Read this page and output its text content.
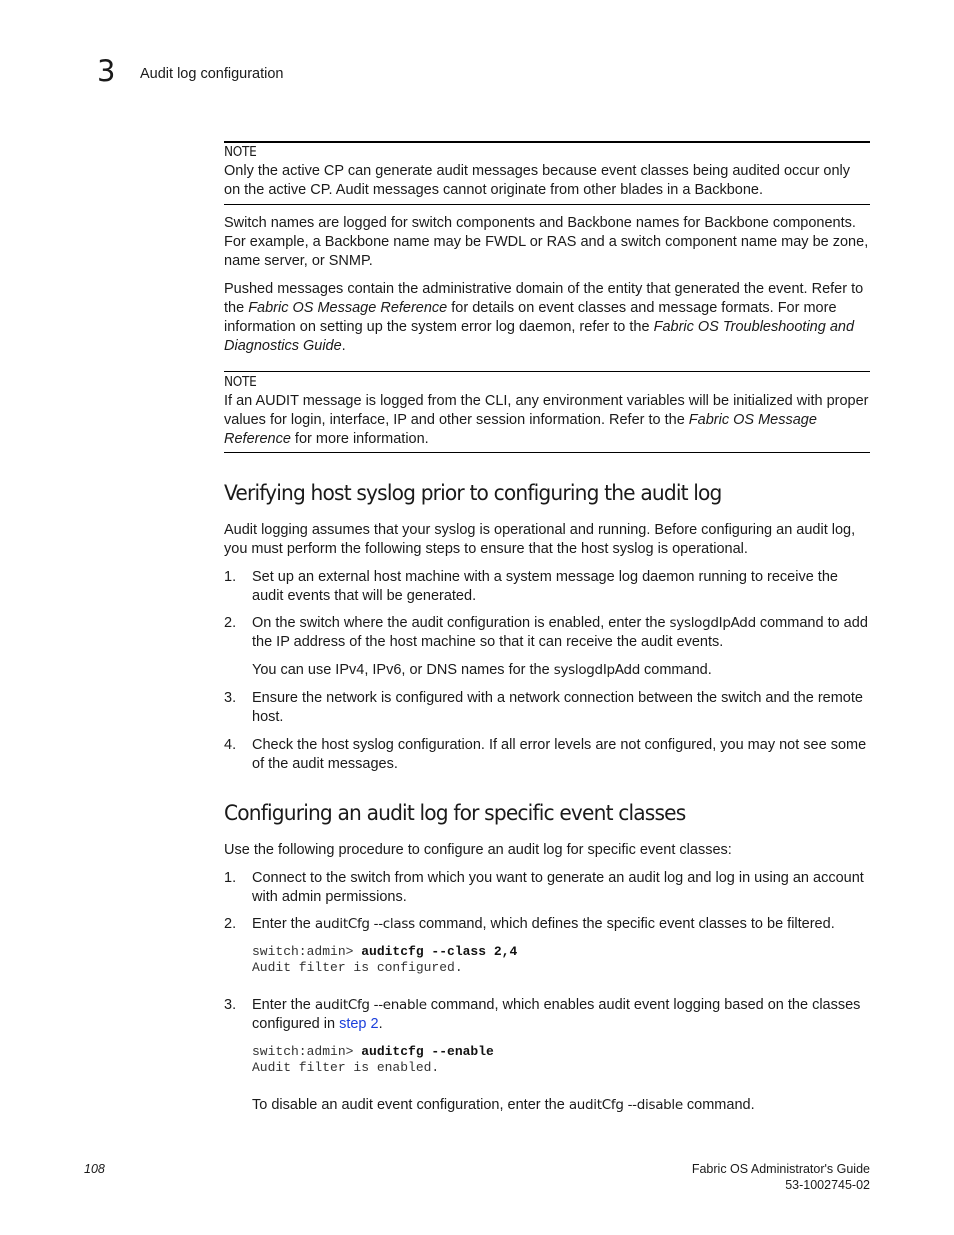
3 Audit log configuration
NOTE
Only the active CP can generate audit messages because event classes being audited occur only on the active CP. Audit messages cannot originate from other blades in a Backbone.
Switch names are logged for switch components and Backbone names for Backbone components. For example, a Backbone name may be FWDL or RAS and a switch component name may be zone, name server, or SNMP.
Pushed messages contain the administrative domain of the entity that generated the event. Refer to the Fabric OS Message Reference for details on event classes and message formats. For more information on setting up the system error log daemon, refer to the Fabric OS Troubleshooting and Diagnostics Guide.
NOTE
If an AUDIT message is logged from the CLI, any environment variables will be initialized with proper values for login, interface, IP and other session information. Refer to the Fabric OS Message Reference for more information.
Verifying host syslog prior to configuring the audit log
Audit logging assumes that your syslog is operational and running. Before configuring an audit log, you must perform the following steps to ensure that the host syslog is operational.
1. Set up an external host machine with a system message log daemon running to receive the audit events that will be generated.
2. On the switch where the audit configuration is enabled, enter the syslogdIpAdd command to add the IP address of the host machine so that it can receive the audit events.
You can use IPv4, IPv6, or DNS names for the syslogdIpAdd command.
3. Ensure the network is configured with a network connection between the switch and the remote host.
4. Check the host syslog configuration. If all error levels are not configured, you may not see some of the audit messages.
Configuring an audit log for specific event classes
Use the following procedure to configure an audit log for specific event classes:
1. Connect to the switch from which you want to generate an audit log and log in using an account with admin permissions.
2. Enter the auditCfg --class command, which defines the specific event classes to be filtered.
switch:admin> auditcfg --class 2,4
Audit filter is configured.
3. Enter the auditCfg --enable command, which enables audit event logging based on the classes configured in step 2.
switch:admin> auditcfg --enable
Audit filter is enabled.
To disable an audit event configuration, enter the auditCfg --disable command.
108	Fabric OS Administrator's Guide
53-1002745-02
